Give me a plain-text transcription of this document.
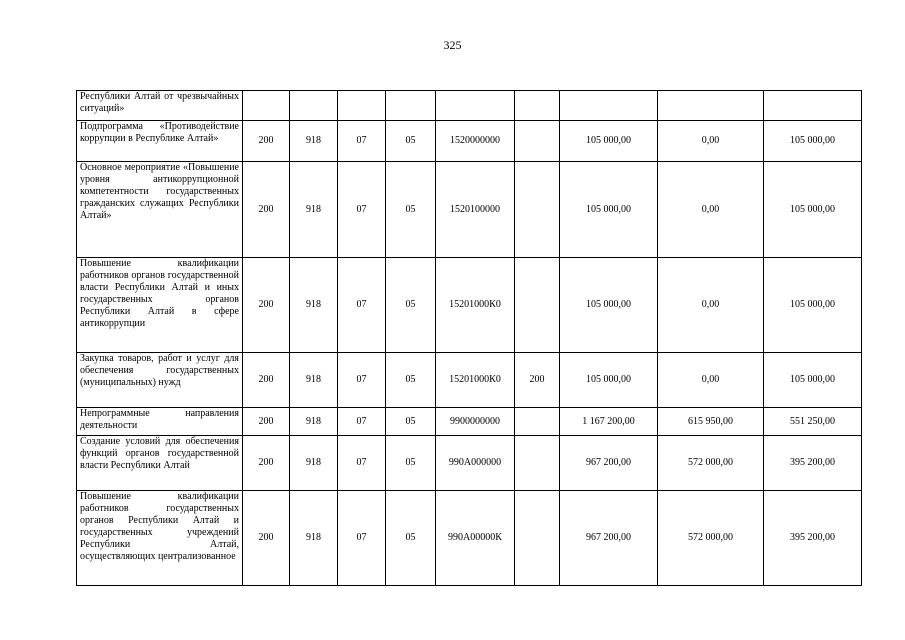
325
Республики Алтай от чрезвычайных ситуаций»									
Подпрограмма «Противодействие коррупции в Республике Алтай»	200	918	07	05	1520000000		105 000,00	0,00	105 000,00
Основное мероприятие «Повышение уровня антикоррупционной компетентности государственных гражданских служащих Республики Алтай»	200	918	07	05	1520100000		105 000,00	0,00	105 000,00
Повышение квалификации работников органов государственной власти Республики Алтай и иных государственных органов Республики Алтай в сфере антикоррупции	200	918	07	05	15201000К0		105 000,00	0,00	105 000,00
Закупка товаров, работ и услуг для обеспечения государственных (муниципальных) нужд	200	918	07	05	15201000К0	200	105 000,00	0,00	105 000,00
Непрограммные направления деятельности	200	918	07	05	9900000000		1 167 200,00	615 950,00	551 250,00
Создание условий для обеспечения функций органов государственной власти Республики Алтай	200	918	07	05	990А000000		967 200,00	572 000,00	395 200,00
Повышение квалификации работников государственных органов Республики Алтай и государственных учреждений Республики Алтай, осуществляющих централизованное	200	918	07	05	990А00000К		967 200,00	572 000,00	395 200,00
